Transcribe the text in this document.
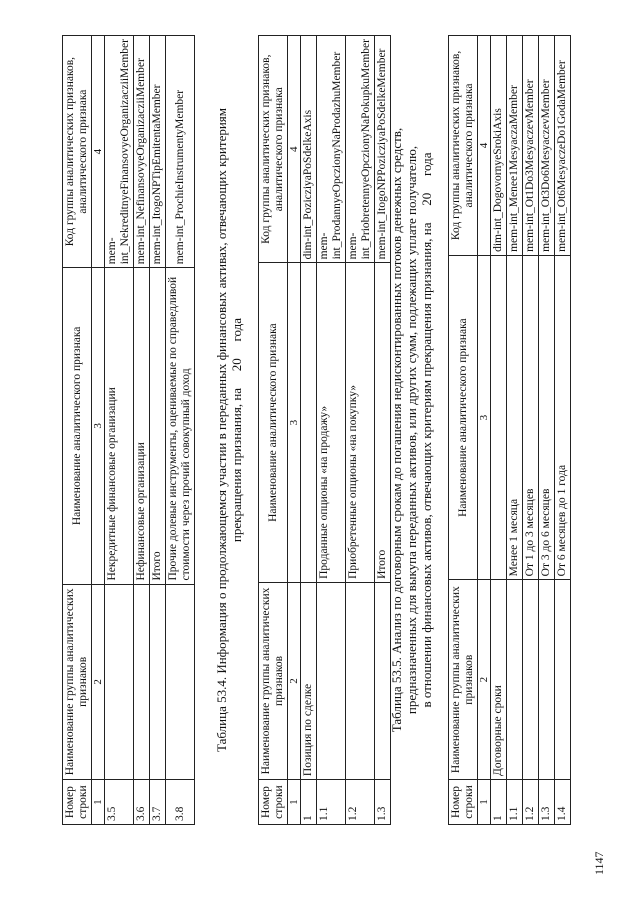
1147
Номер строки	Наименование группы аналитических признаков	Наименование аналитического признака	Код группы аналитических признаков, аналитического признака
1	2	3	4
3.5		Некредитные финансовые организации	mem-int_NekreditnyeFinansovyeOrganizacziiMember
3.6		Нефинансовые организации	mem-int_NefinansovyeOrganizacziiMember
3.7		Итого	mem-int_ItogoNPTipEmitentaMember
3.8		Прочие долевые инструменты, оцениваемые по справедливой стоимости через прочий совокупный доход	mem-int_ProchieInstrumentyMember Таблица 53.4. Информация о продолжающемся участии в переданных финансовых активах, отвечающих критериям прекращения признания, на 20 года
Номер строки	Наименование группы аналитических признаков	Наименование аналитического признака	Код группы аналитических признаков, аналитического признака
1	2	3	4
1	Позиция по сделке		dim-int_PozicziyaPoSdelkeAxis
1.1		Проданные опционы «на продажу»	mem-int_ProdannyeOpczionyNaProdazhuMember
1.2		Приобретенные опционы «на покупку»	mem-int_PriobretennyeOpczionyNaPokupkuMember
1.3		Итого	mem-int_ItogoNPPozicziyaPoSdelkeMember Таблица 53.5. Анализ по договорным срокам до погашения недисконтированных потоков денежных средств, предназначенных для выкупа переданных активов, или других сумм, подлежащих уплате получателю, в отношении финансовых активов, отвечающих критериям прекращения признания, на 20 года
Номер строки	Наименование группы аналитических признаков	Наименование аналитического признака	Код группы аналитических признаков, аналитического признака
1	2	3	4
1	Договорные сроки		dim-int_DogovornyeSrokiAxis
1.1		Менее 1 месяца	mem-int_Menee1MesyaczaMember
1.2		От 1 до 3 месяцев	mem-int_Ot1Do3MesyaczevMember
1.3		От 3 до 6 месяцев	mem-int_Ot3Do6MesyaczevMember
1.4		От 6 месяцев до 1 года	mem-int_Ot6MesyaczeDo1GodaMember
